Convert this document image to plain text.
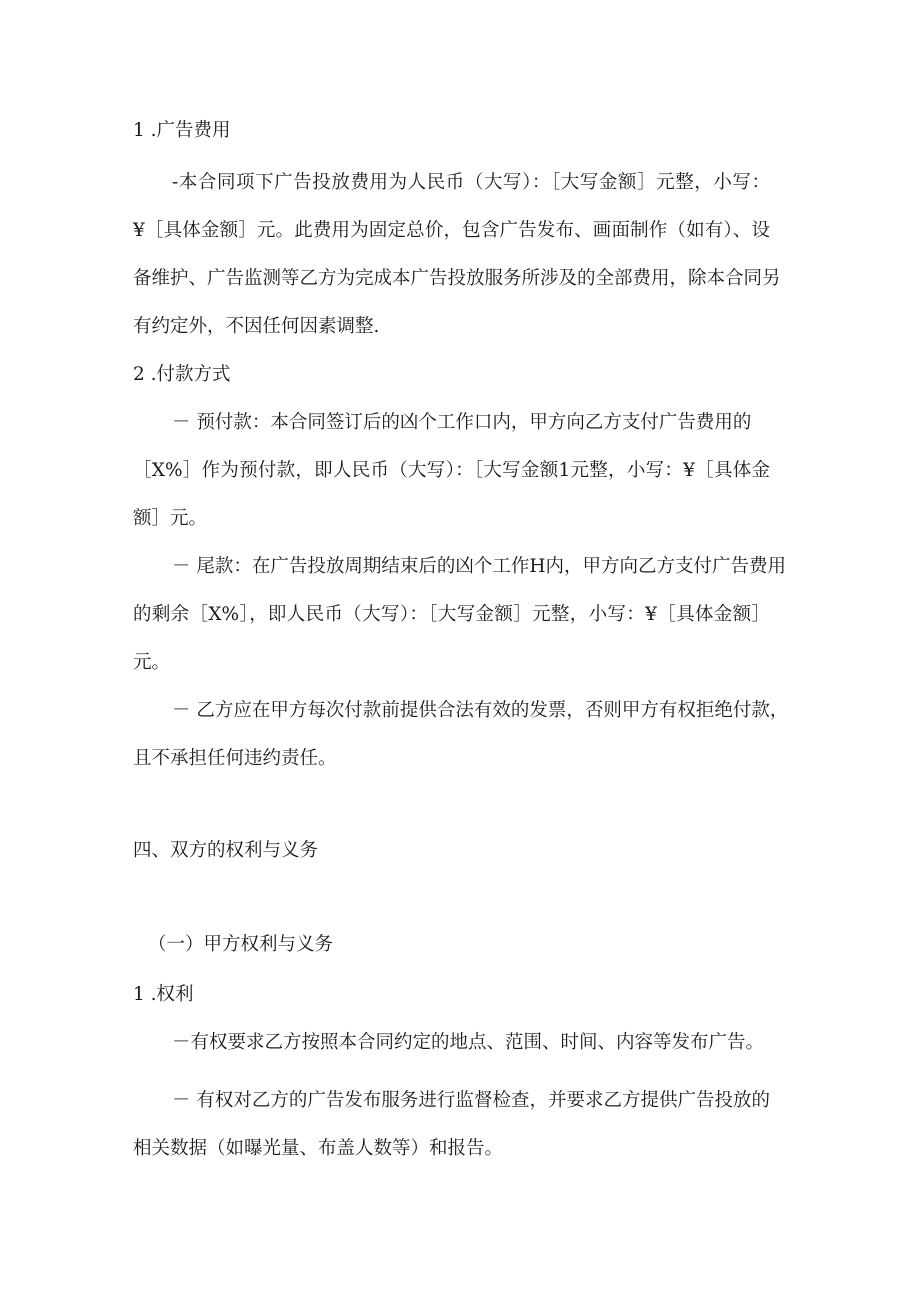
1 .广告费用
-本合同项下广告投放费用为人民币（大写）：［大写金额］元整，小写：
¥［具体金额］元。此费用为固定总价，包含广告发布、画面制作（如有）、设
备维护、广告监测等乙方为完成本广告投放服务所涉及的全部费用，除本合同另
有约定外，不因任何因素调整.
2 .付款方式
－ 预付款：本合同签订后的凶个工作口内，甲方向乙方支付广告费用的
［X%］作为预付款，即人民币（大写）：［大写金额1元整，小写：¥［具体金
额］元。
－ 尾款：在广告投放周期结束后的凶个工作H内，甲方向乙方支付广告费用
的剩余［X%］，即人民币（大写）：［大写金额］元整，小写：¥［具体金额］
元。
－ 乙方应在甲方每次付款前提供合法有效的发票，否则甲方有权拒绝付款，
且不承担任何违约责任。
四、双方的权利与义务
（一）甲方权利与义务
1 .权利
－有权要求乙方按照本合同约定的地点、范围、时间、内容等发布广告。
－ 有权对乙方的广告发布服务进行监督检查，并要求乙方提供广告投放的
相关数据（如曝光量、布盖人数等）和报告。
